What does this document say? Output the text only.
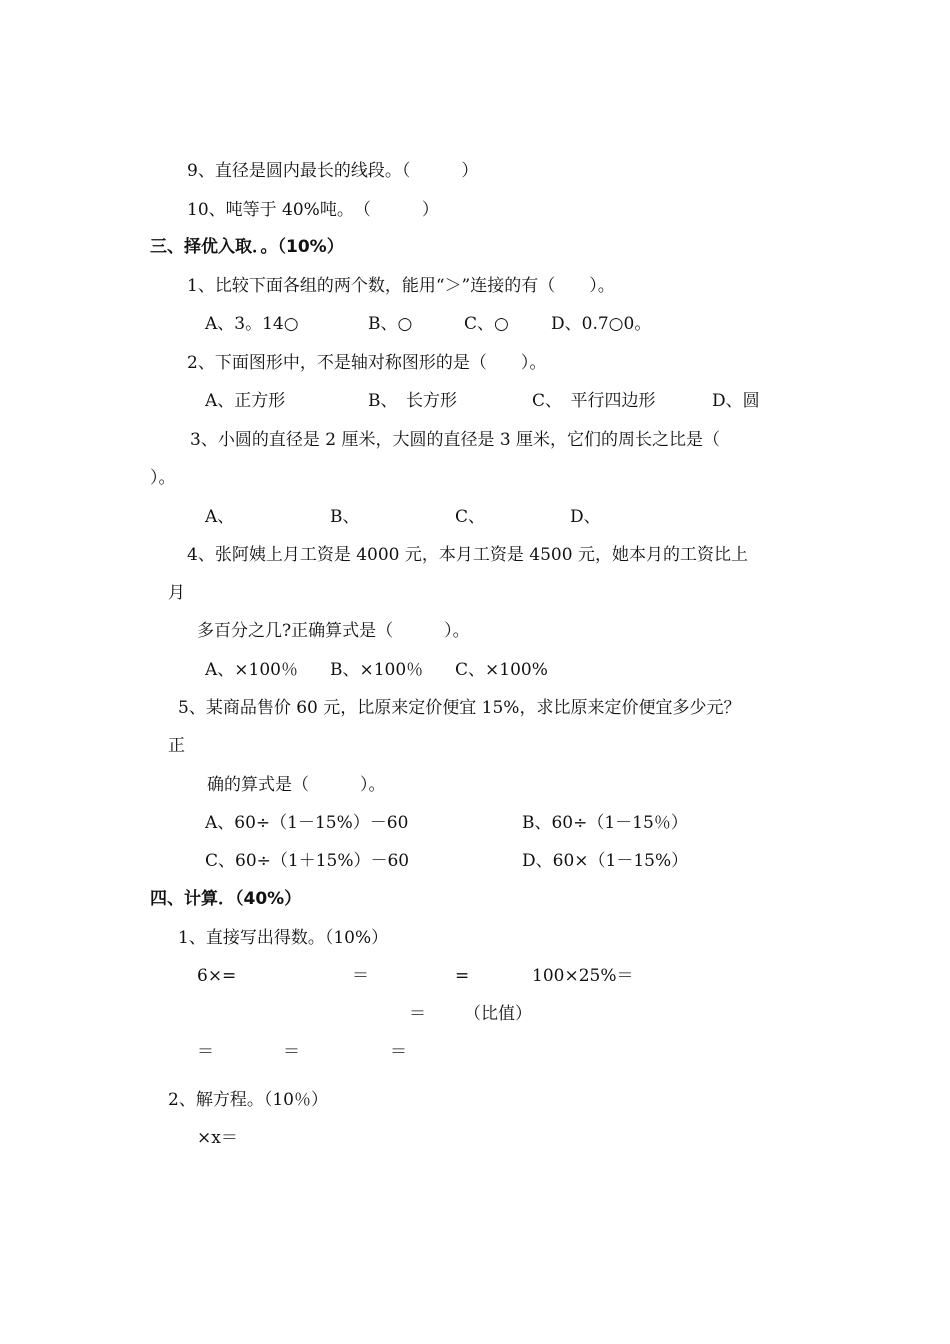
9、直径是圆内最长的线段。（　　　）
10、吨等于 40%吨。　（　　　）
三、择优入取．。（10%）
1、比较下面各组的两个数，能用“＞”连接的有（　　）。
A、3。14○	B、○	C、○ D、0.7○0。
2、下面图形中，不是轴对称图形的是（　　）。
A、正方形	B、　长方形	C、　平行四边形	D、圆
3、小圆的直径是 2 厘米，大圆的直径是 3 厘米，它们的周长之比是（
）。
A、	B、	C、	D、
4、张阿姨上月工资是 4000 元，本月工资是 4500 元，她本月的工资比上
月
多百分之几?正确算式是（　　　）。
A、×100％ B、×100％ C、×100%
5、某商品售价 60 元，比原来定价便宜 15%，求比原来定价便宜多少元？
正
确的算式是（　　　）。
A、60÷（1－15%）－60	B、60÷（1－15％）
C、60÷（1＋15%）－60	D、60×（1－15%）
四、计算．（40%）
1、直接写出得数。（10%）
6×=	＝	=	100×25%＝
＝ （比值）
＝	＝	＝
2、解方程。（10％）
×x＝
